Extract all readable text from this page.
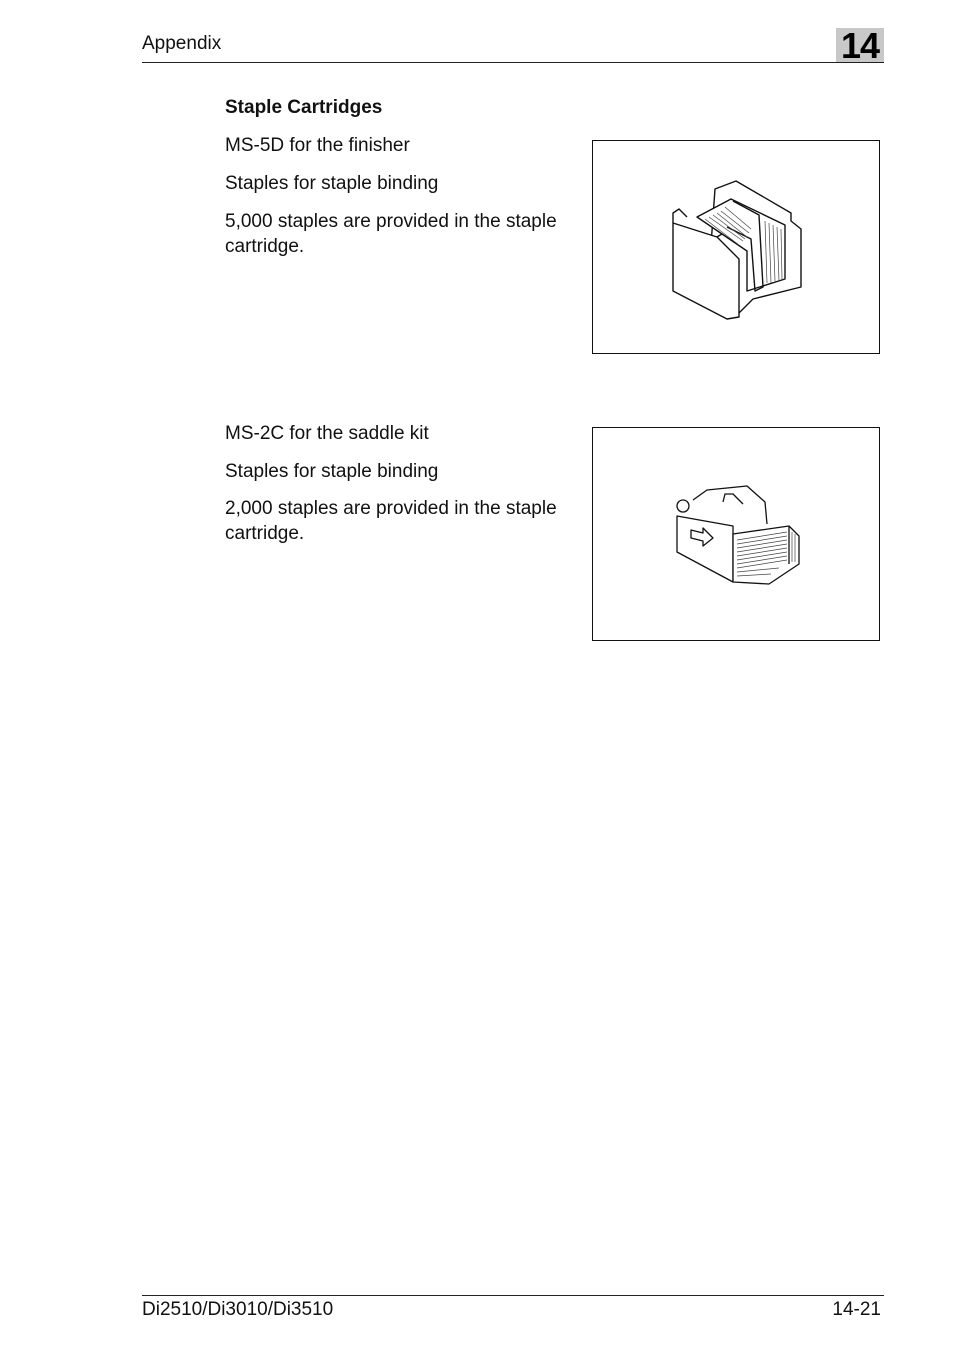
Appendix	14
Staple Cartridges
MS-5D for the finisher
Staples for staple binding
5,000 staples are provided in the staple cartridge.
MS-2C for the saddle kit
Staples for staple binding
2,000 staples are provided in the staple cartridge.
Di2510/Di3010/Di3510	14-21
